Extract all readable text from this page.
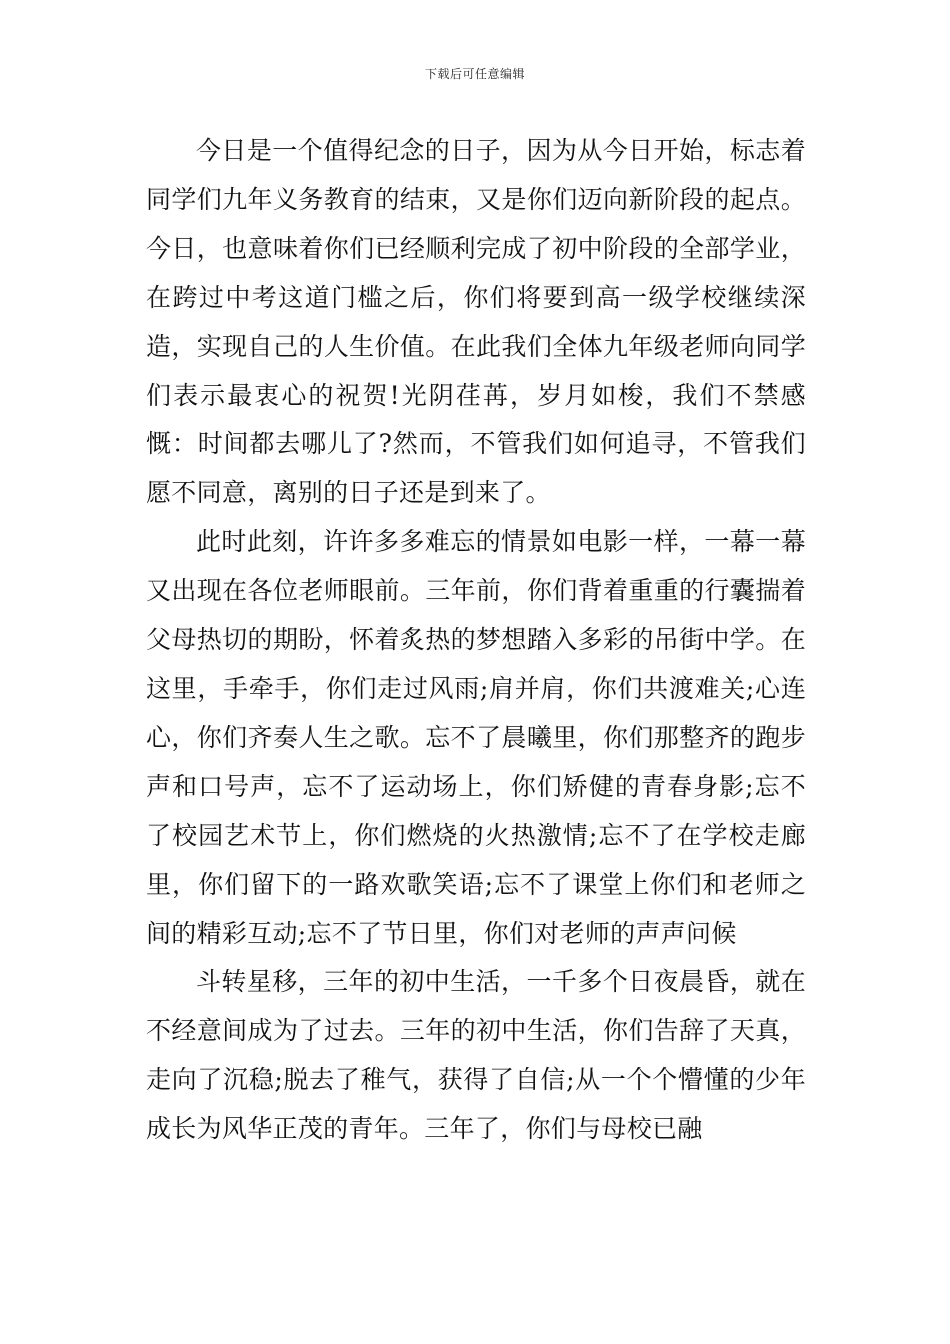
下载后可任意编辑

今日是一个值得纪念的日子，因为从今日开始，标志着同学们九年义务教育的结束，又是你们迈向新阶段的起点。今日，也意味着你们已经顺利完成了初中阶段的全部学业，在跨过中考这道门槛之后，你们将要到高一级学校继续深造，实现自己的人生价值。在此我们全体九年级老师向同学们表示最衷心的祝贺!光阴荏苒，岁月如梭，我们不禁感慨：时间都去哪儿了?然而，不管我们如何追寻，不管我们愿不同意，离别的日子还是到来了。

此时此刻，许许多多难忘的情景如电影一样，一幕一幕又出现在各位老师眼前。三年前，你们背着重重的行囊揣着父母热切的期盼，怀着炙热的梦想踏入多彩的吊街中学。在这里，手牵手，你们走过风雨;肩并肩，你们共渡难关;心连心，你们齐奏人生之歌。忘不了晨曦里，你们那整齐的跑步声和口号声，忘不了运动场上，你们矫健的青春身影;忘不了校园艺术节上，你们燃烧的火热激情;忘不了在学校走廊里，你们留下的一路欢歌笑语;忘不了课堂上你们和老师之间的精彩互动;忘不了节日里，你们对老师的声声问候

斗转星移，三年的初中生活，一千多个日夜晨昏，就在不经意间成为了过去。三年的初中生活，你们告辞了天真，走向了沉稳;脱去了稚气，获得了自信;从一个个懵懂的少年成长为风华正茂的青年。三年了，你们与母校已融
